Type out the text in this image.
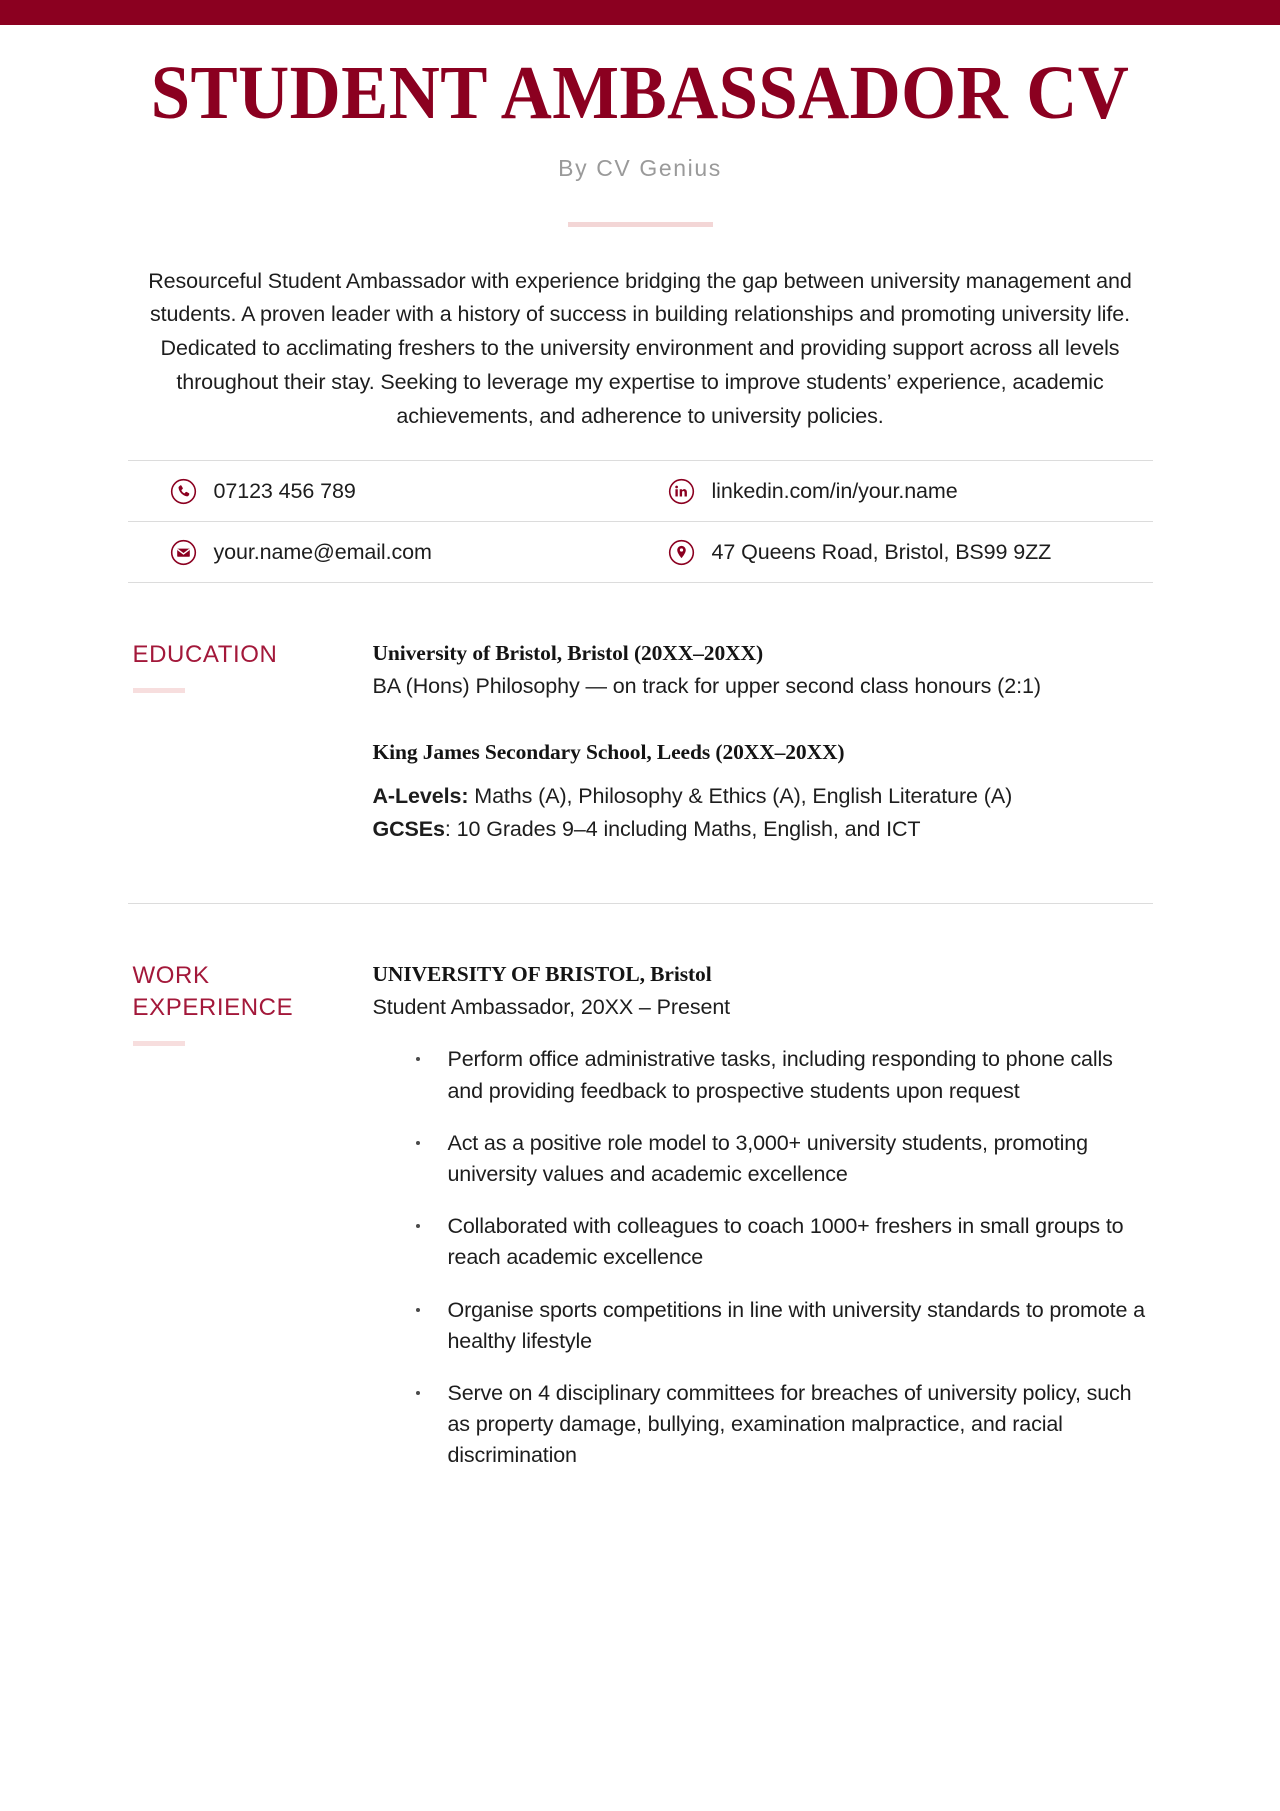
STUDENT AMBASSADOR CV
By CV Genius
Resourceful Student Ambassador with experience bridging the gap between university management and students. A proven leader with a history of success in building relationships and promoting university life. Dedicated to acclimating freshers to the university environment and providing support across all levels throughout their stay. Seeking to leverage my expertise to improve students’ experience, academic achievements, and adherence to university policies.
07123 456 789	linkedin.com/in/your.name
your.name@email.com	47 Queens Road, Bristol, BS99 9ZZ
EDUCATION	University of Bristol, Bristol (20XX–20XX)
BA (Hons) Philosophy — on track for upper second class honours (2:1)
King James Secondary School, Leeds (20XX–20XX)
A-Levels: Maths (A), Philosophy & Ethics (A), English Literature (A)
GCSEs: 10 Grades 9–4 including Maths, English, and ICT
WORK
EXPERIENCE
UNIVERSITY OF BRISTOL, Bristol
Student Ambassador, 20XX – Present
Perform office administrative tasks, including responding to phone calls and providing feedback to prospective students upon request
Act as a positive role model to 3,000+ university students, promoting university values and academic excellence
Collaborated with colleagues to coach 1000+ freshers in small groups to reach academic excellence
Organise sports competitions in line with university standards to promote a healthy lifestyle
Serve on 4 disciplinary committees for breaches of university policy, such as property damage, bullying, examination malpractice, and racial discrimination
